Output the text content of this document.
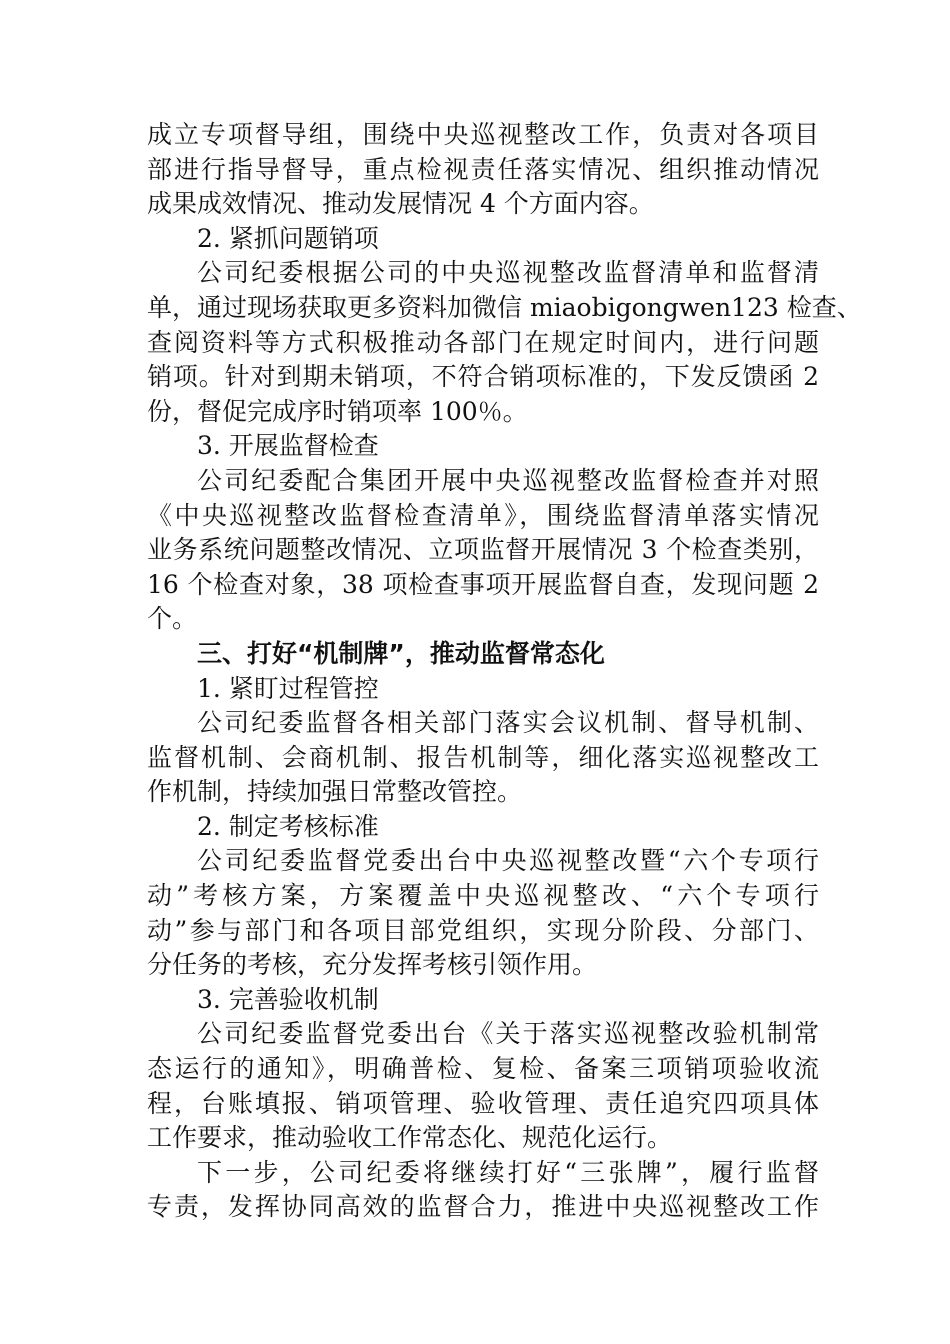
成立专项督导组，围绕中央巡视整改工作，负责对各项目
部进行指导督导，重点检视责任落实情况、组织推动情况
成果成效情况、推动发展情况 4 个方面内容。
2. 紧抓问题销项
公司纪委根据公司的中央巡视整改监督清单和监督清
单，通过现场获取更多资料加微信 miaobigongwen123 检查、
查阅资料等方式积极推动各部门在规定时间内，进行问题
销项。针对到期未销项，不符合销项标准的，下发反馈函 2
份，督促完成序时销项率 100％。
3. 开展监督检查
公司纪委配合集团开展中央巡视整改监督检查并对照
《中央巡视整改监督检查清单》，围绕监督清单落实情况
业务系统问题整改情况、立项监督开展情况 3 个检查类别，
16 个检查对象，38 项检查事项开展监督自查，发现问题 2
个。
三、打好“机制牌”，推动监督常态化
1. 紧盯过程管控
公司纪委监督各相关部门落实会议机制、督导机制、
监督机制、会商机制、报告机制等，细化落实巡视整改工
作机制，持续加强日常整改管控。
2. 制定考核标准
公司纪委监督党委出台中央巡视整改暨“六个专项行
动”考核方案，方案覆盖中央巡视整改、“六个专项行
动”参与部门和各项目部党组织，实现分阶段、分部门、
分任务的考核，充分发挥考核引领作用。
3. 完善验收机制
公司纪委监督党委出台《关于落实巡视整改验机制常
态运行的通知》，明确普检、复检、备案三项销项验收流
程，台账填报、销项管理、验收管理、责任追究四项具体
工作要求，推动验收工作常态化、规范化运行。
下一步，公司纪委将继续打好“三张牌”，履行监督
专责，发挥协同高效的监督合力，推进中央巡视整改工作
